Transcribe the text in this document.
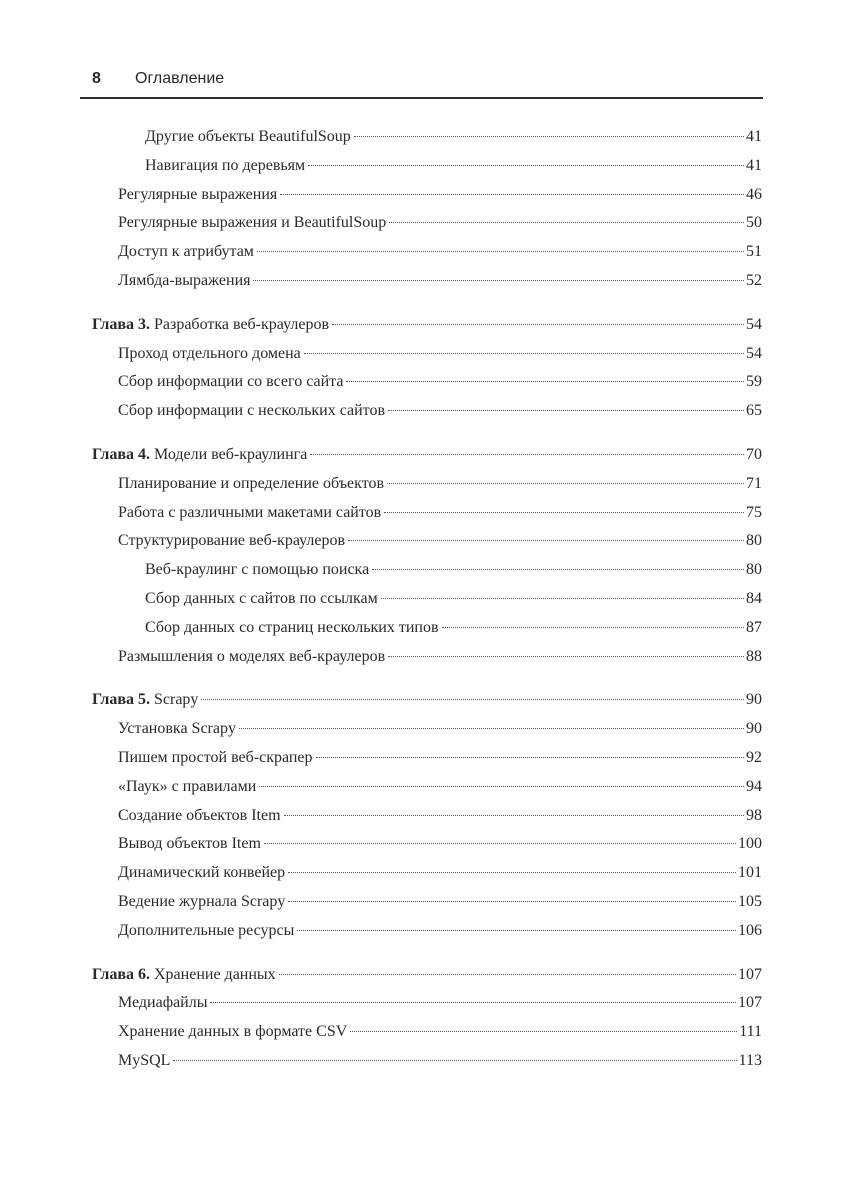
8 Оглавление
Другие объекты BeautifulSoup	41
Навигация по деревьям	41
Регулярные выражения	46
Регулярные выражения и BeautifulSoup	50
Доступ к атрибутам	51
Лямбда-выражения	52
Глава 3. Разработка веб-краулеров	54
Проход отдельного домена	54
Сбор информации со всего сайта	59
Сбор информации с нескольких сайтов	65
Глава 4. Модели веб-краулинга	70
Планирование и определение объектов	71
Работа с различными макетами сайтов	75
Структурирование веб-краулеров	80
Веб-краулинг с помощью поиска	80
Сбор данных с сайтов по ссылкам	84
Сбор данных со страниц нескольких типов	87
Размышления о моделях веб-краулеров	88
Глава 5. Scrapy	90
Установка Scrapy	90
Пишем простой веб-скрапер	92
«Паук» с правилами	94
Создание объектов Item	98
Вывод объектов Item	100
Динамический конвейер	101
Ведение журнала Scrapy	105
Дополнительные ресурсы	106
Глава 6. Хранение данных	107
Медиафайлы	107
Хранение данных в формате CSV	111
MySQL	113
